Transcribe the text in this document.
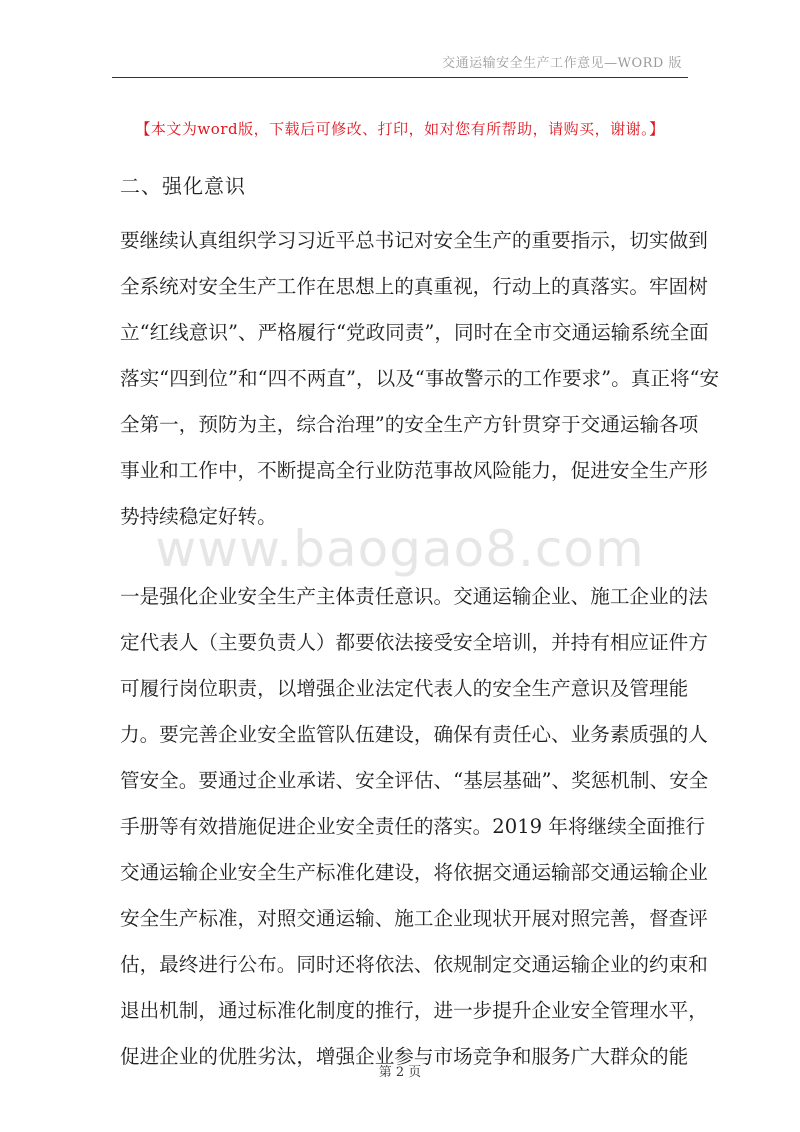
交通运输安全生产工作意见—WORD 版
【本文为word版，下载后可修改、打印，如对您有所帮助，请购买，谢谢。】
二、强化意识
要继续认真组织学习习近平总书记对安全生产的重要指示，切实做到
全系统对安全生产工作在思想上的真重视，行动上的真落实。牢固树
立“红线意识”、严格履行“党政同责”，同时在全市交通运输系统全面
落实“四到位”和“四不两直”，以及“事故警示的工作要求”。真正将“安
全第一，预防为主，综合治理”的安全生产方针贯穿于交通运输各项
事业和工作中，不断提高全行业防范事故风险能力，促进安全生产形
势持续稳定好转。
www.baogao8.com
一是强化企业安全生产主体责任意识。交通运输企业、施工企业的法
定代表人（主要负责人）都要依法接受安全培训，并持有相应证件方
可履行岗位职责，以增强企业法定代表人的安全生产意识及管理能
力。要完善企业安全监管队伍建设，确保有责任心、业务素质强的人
管安全。要通过企业承诺、安全评估、“基层基础”、奖惩机制、安全
手册等有效措施促进企业安全责任的落实。2019 年将继续全面推行
交通运输企业安全生产标准化建设，将依据交通运输部交通运输企业
安全生产标准，对照交通运输、施工企业现状开展对照完善，督查评
估，最终进行公布。同时还将依法、依规制定交通运输企业的约束和
退出机制，通过标准化制度的推行，进一步提升企业安全管理水平，
促进企业的优胜劣汰，增强企业参与市场竞争和服务广大群众的能
第 2 页
